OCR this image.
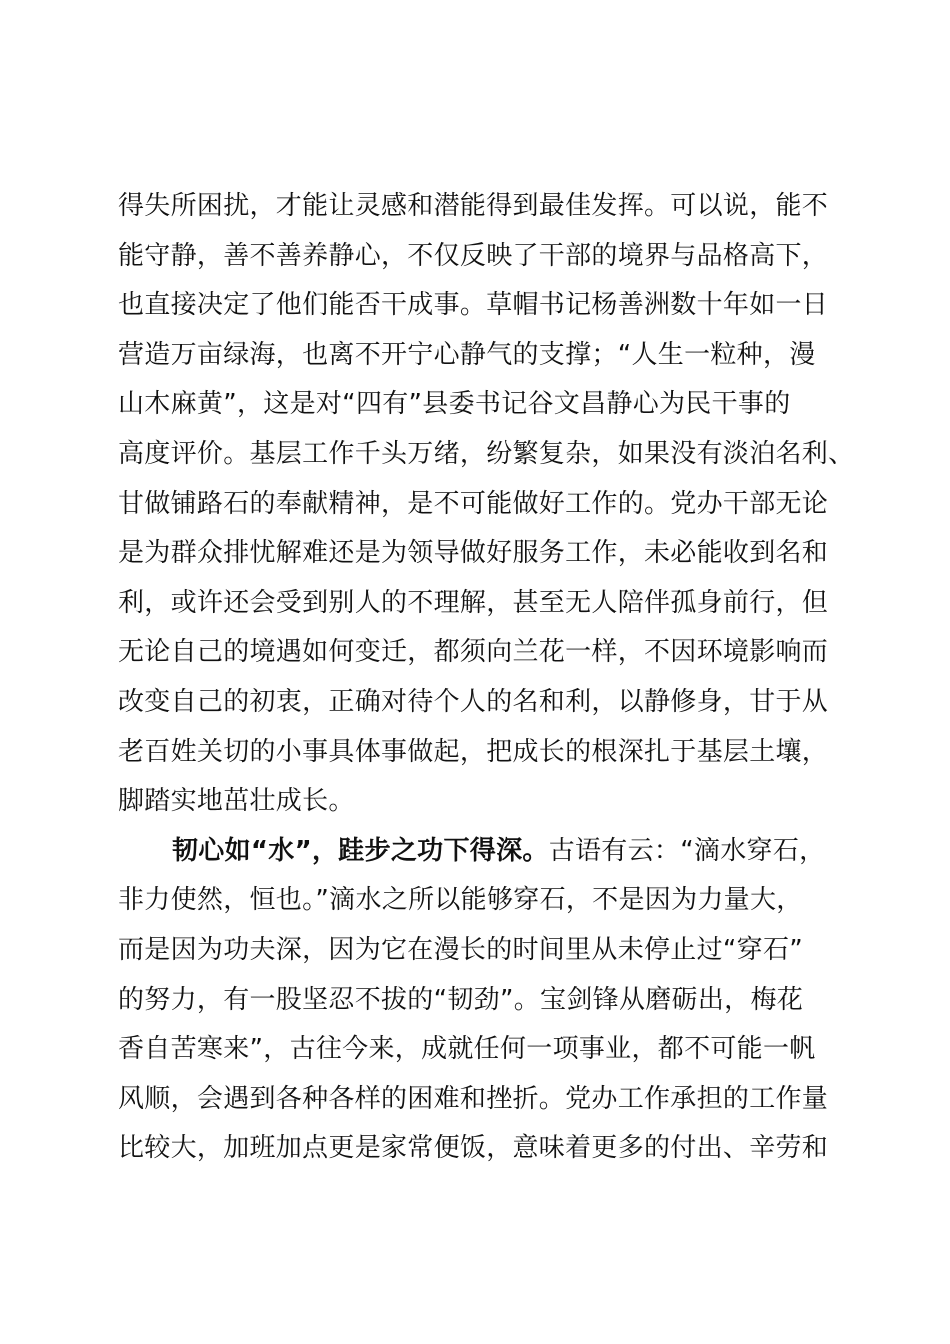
得失所困扰，才能让灵感和潜能得到最佳发挥。可以说，能不
能守静，善不善养静心，不仅反映了干部的境界与品格高下，
也直接决定了他们能否干成事。草帽书记杨善洲数十年如一日
营造万亩绿海，也离不开宁心静气的支撑；“人生一粒种，漫
山木麻黄”，这是对“四有”县委书记谷文昌静心为民干事的
高度评价。基层工作千头万绪，纷繁复杂，如果没有淡泊名利、
甘做铺路石的奉献精神，是不可能做好工作的。党办干部无论
是为群众排忧解难还是为领导做好服务工作，未必能收到名和
利，或许还会受到别人的不理解，甚至无人陪伴孤身前行，但
无论自己的境遇如何变迁，都须向兰花一样，不因环境影响而
改变自己的初衷，正确对待个人的名和利，以静修身，甘于从
老百姓关切的小事具体事做起，把成长的根深扎于基层土壤，
脚踏实地茁壮成长。
韧心如“水”，跬步之功下得深。古语有云：“滴水穿石，
非力使然，恒也。”滴水之所以能够穿石，不是因为力量大，
而是因为功夫深，因为它在漫长的时间里从未停止过“穿石”
的努力，有一股坚忍不拔的“韧劲”。宝剑锋从磨砺出，梅花
香自苦寒来”，古往今来，成就任何一项事业，都不可能一帆
风顺，会遇到各种各样的困难和挫折。党办工作承担的工作量
比较大，加班加点更是家常便饭，意味着更多的付出、辛劳和
